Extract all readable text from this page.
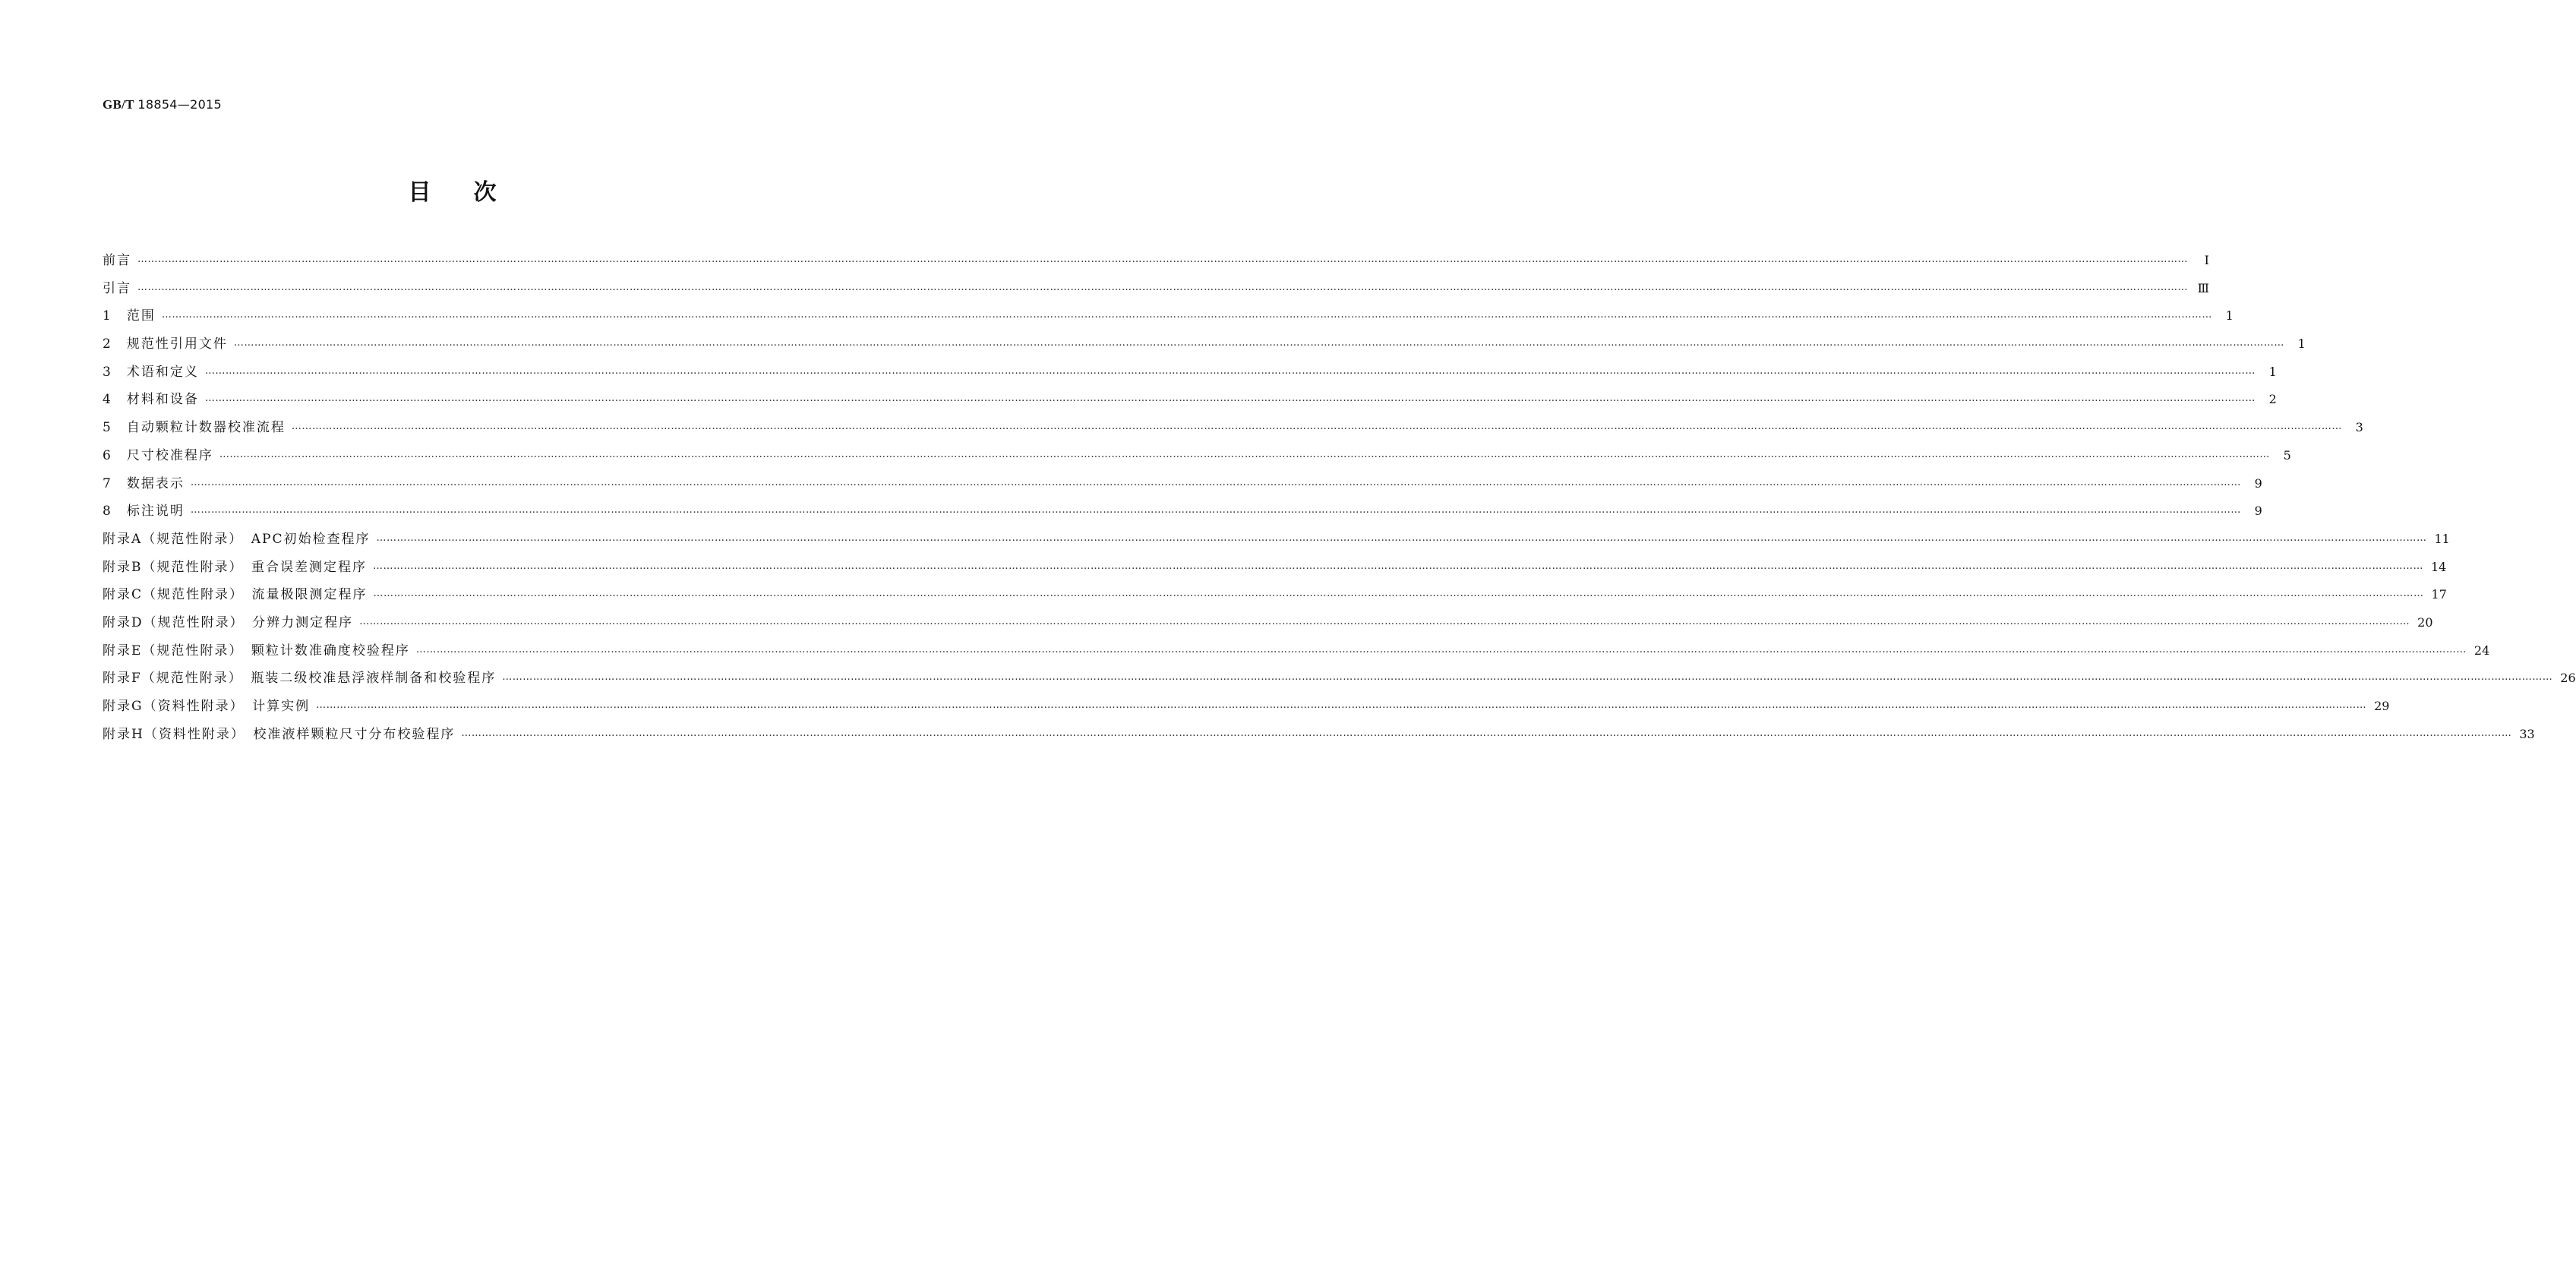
GB/T 18854—2015
目次
前言 ……………………………………………………………………………………………………………………………………………………………………………………………………………………………………………………………………………………………………………………………………………………………………………………………………………………………………………………………………………………………………………………………………………………	Ⅰ
引言 …………………………………………………………………………………………………………………………………………………………………………………………………………………………………………………………………………………………………………………………………………………………………………………………………………………………………………………………………………………………………………………………………………………… Ⅲ
1　范围 ……………………………………………………………………………………………………………………………………………………………………………………………………………………………………………………………………………………………………………………………………………………………………………………………………………………………………………………………………………………………………………………………………………………	1
2　规范性引用文件 ……………………………………………………………………………………………………………………………………………………………………………………………………………………………………………………………………………………………………………………………………………………………………………………………………………………………………………………………………………………………………………………………………………………	1
3　术语和定义 ……………………………………………………………………………………………………………………………………………………………………………………………………………………………………………………………………………………………………………………………………………………………………………………………………………………………………………………………………………………………………………………………………………………	1
4　材料和设备 ……………………………………………………………………………………………………………………………………………………………………………………………………………………………………………………………………………………………………………………………………………………………………………………………………………………………………………………………………………………………………………………………………………………	2
5　自动颗粒计数器校准流程 ……………………………………………………………………………………………………………………………………………………………………………………………………………………………………………………………………………………………………………………………………………………………………………………………………………………………………………………………………………………………………………………………………………………	3
6　尺寸校准程序 ……………………………………………………………………………………………………………………………………………………………………………………………………………………………………………………………………………………………………………………………………………………………………………………………………………………………………………………………………………………………………………………………………………………	5
7　数据表示 ……………………………………………………………………………………………………………………………………………………………………………………………………………………………………………………………………………………………………………………………………………………………………………………………………………………………………………………………………………………………………………………………………………………	9
8　标注说明 ……………………………………………………………………………………………………………………………………………………………………………………………………………………………………………………………………………………………………………………………………………………………………………………………………………………………………………………………………………………………………………………………………………………	9
附录A（规范性附录）　APC初始检查程序 …………………………………………………………………………………………………………………………………………………………………………………………………………………………………………………………………………………………………………………………………………………………………………………………………………………………………………………………………………………………………………………………………………………… 11
附录B（规范性附录）　重合误差测定程序 …………………………………………………………………………………………………………………………………………………………………………………………………………………………………………………………………………………………………………………………………………………………………………………………………………………………………………………………………………………………………………………………………………………… 14
附录C（规范性附录）　流量极限测定程序 …………………………………………………………………………………………………………………………………………………………………………………………………………………………………………………………………………………………………………………………………………………………………………………………………………………………………………………………………………………………………………………………………………………… 17
附录D（规范性附录）　分辨力测定程序 …………………………………………………………………………………………………………………………………………………………………………………………………………………………………………………………………………………………………………………………………………………………………………………………………………………………………………………………………………………………………………………………………………………… 20
附录E（规范性附录）　颗粒计数准确度校验程序 …………………………………………………………………………………………………………………………………………………………………………………………………………………………………………………………………………………………………………………………………………………………………………………………………………………………………………………………………………………………………………………………………………………… 24
附录F（规范性附录）　瓶装二级校准悬浮液样制备和校验程序 …………………………………………………………………………………………………………………………………………………………………………………………………………………………………………………………………………………………………………………………………………………………………………………………………………………………………………………………………………………………………………………………………………………… 26
附录G（资料性附录）　计算实例 …………………………………………………………………………………………………………………………………………………………………………………………………………………………………………………………………………………………………………………………………………………………………………………………………………………………………………………………………………………………………………………………………………………… 29
附录H（资料性附录）　校准液样颗粒尺寸分布校验程序 …………………………………………………………………………………………………………………………………………………………………………………………………………………………………………………………………………………………………………………………………………………………………………………………………………………………………………………………………………………………………………………………………………………… 33
